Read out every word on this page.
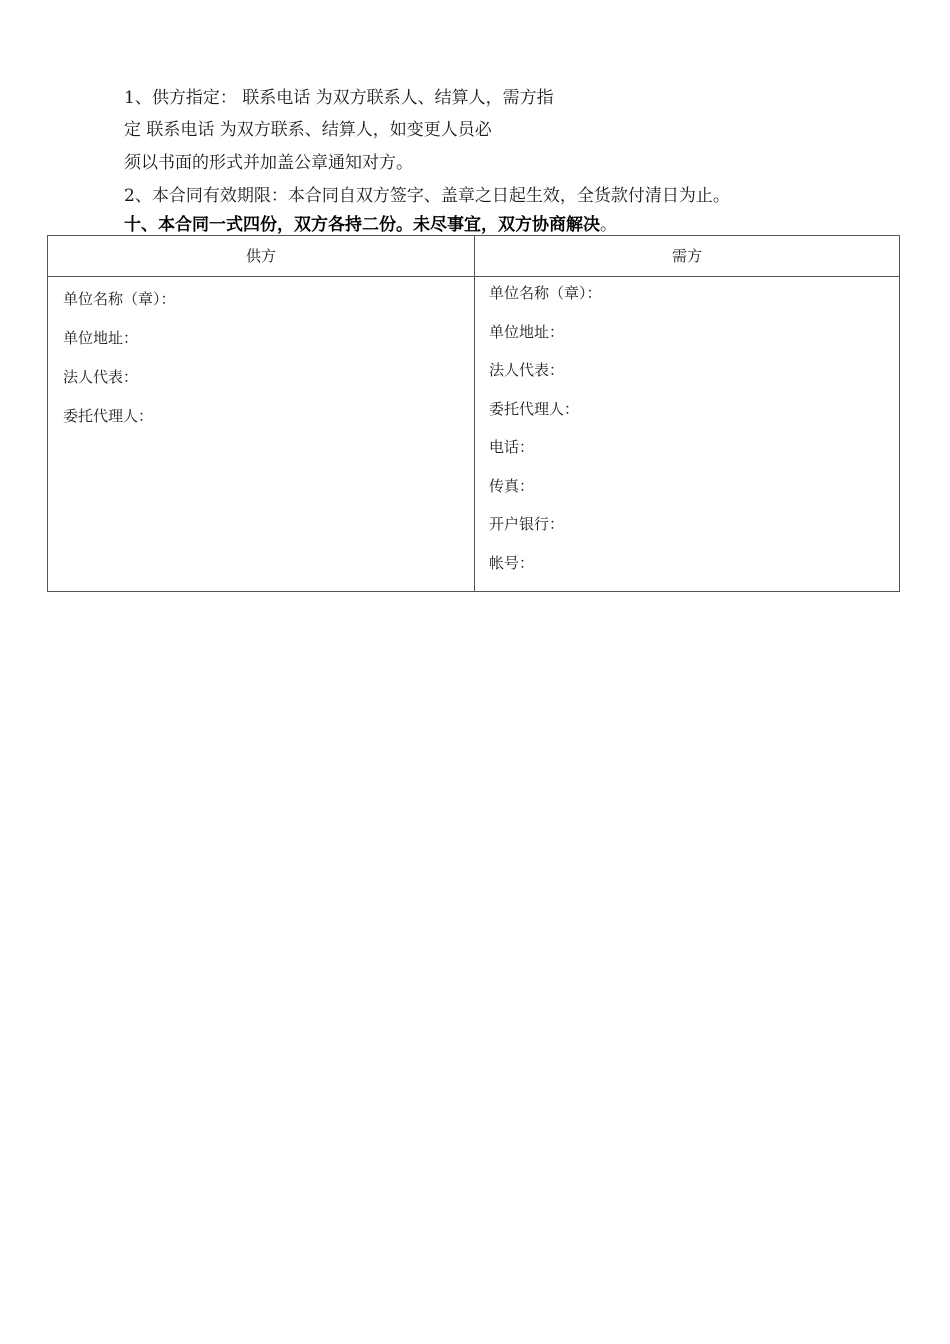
1、供方指定： 联系电话 为双方联系人、结算人，需方指
定 联系电话 为双方联系、结算人，如变更人员必
须以书面的形式并加盖公章通知对方。
2、本合同有效期限：本合同自双方签字、盖章之日起生效，全货款付清日为止。
十、本合同一式四份，双方各持二份。未尽事宜，双方协商解决。
供方	需方
单位名称（章）：
单位地址：
法人代表：
委托代理人：
单位名称（章）：
单位地址：
法人代表：
委托代理人：
电话：
传真：
开户银行：
帐号：
